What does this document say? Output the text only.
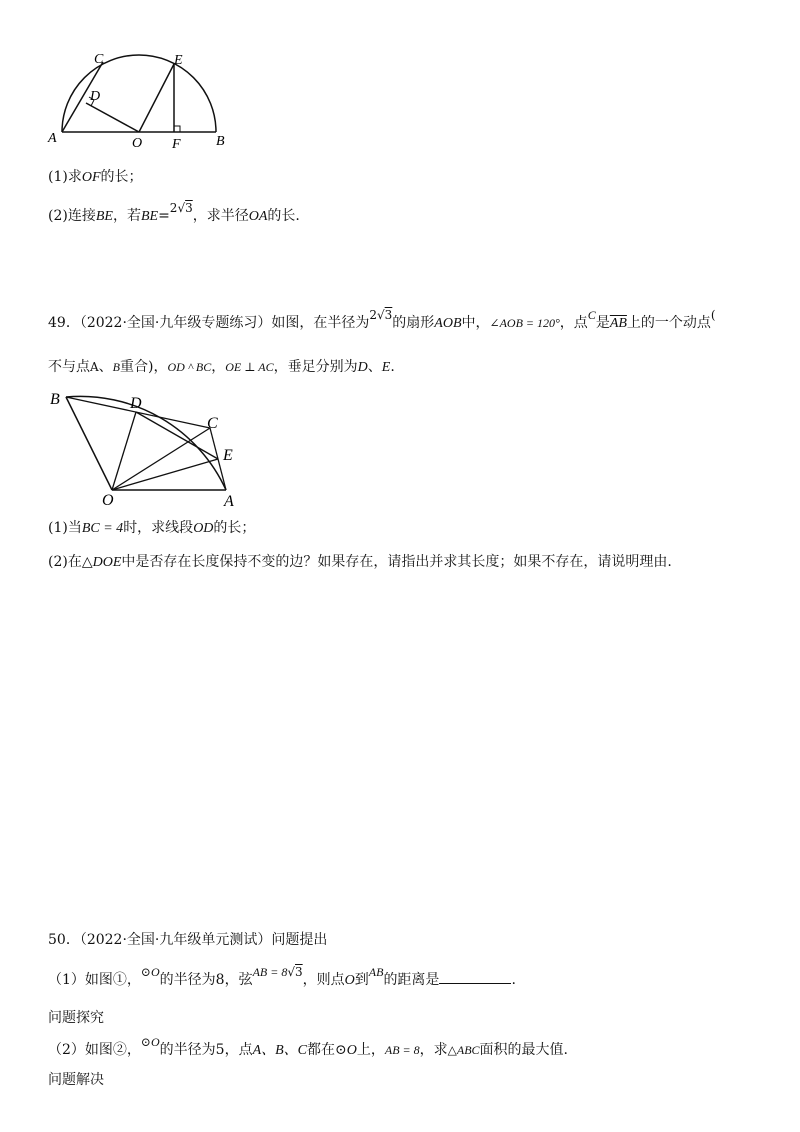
C	E
D
A	O F	B
(1)求OF的长；
(2)连接BE，若BE=2√3，求半径OA的长.
49．（2022·全国·九年级专题练习）如图，在半径为2√3的扇形AOB中，∠AOB = 120°，点C是$\overline{AB}$上的一个动点(
不与点A、B重合)，OD ^ BC，OE ⊥ AC，垂足分别为D、E.
B	D
C
E
O	A
(1)当BC = 4时，求线段OD的长；
(2)在△DOE中是否存在长度保持不变的边？如果存在，请指出并求其长度；如果不存在，请说明理由.
50．（2022·全国·九年级单元测试）问题提出
（1）如图①，⊙O的半径为8，弦AB = 8√3，则点O到AB的距离是	.
问题探究
（2）如图②，⊙O的半径为5，点A、B、C都在⊙O上，AB = 8，求△ABC面积的最大值.
问题解决
